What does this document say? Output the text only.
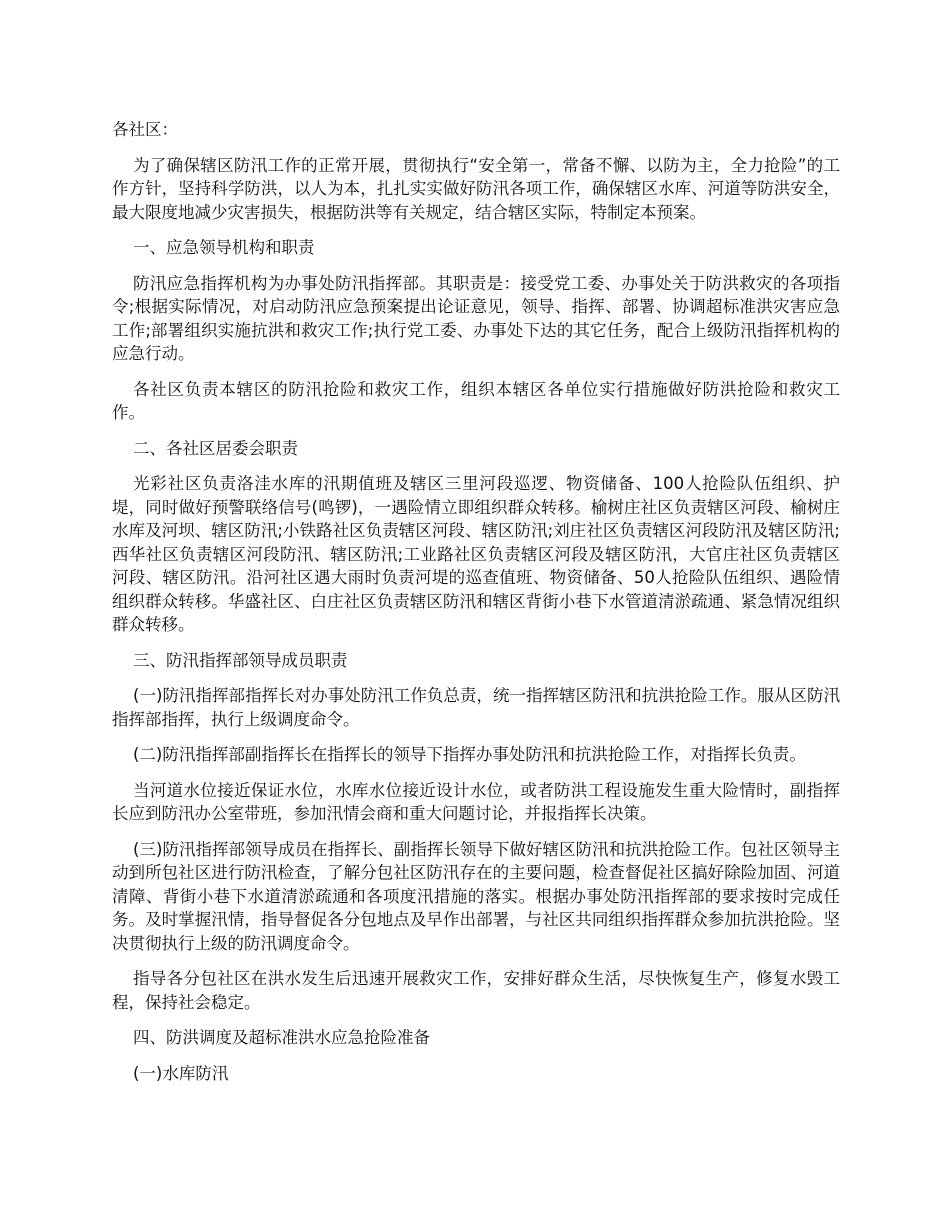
各社区：

为了确保辖区防汛工作的正常开展，贯彻执行“安全第一，常备不懈、以防为主，全力抢险”的工作方针，坚持科学防洪，以人为本，扎扎实实做好防汛各项工作，确保辖区水库、河道等防洪安全，最大限度地减少灾害损失，根据防洪等有关规定，结合辖区实际，特制定本预案。

一、应急领导机构和职责

防汛应急指挥机构为办事处防汛指挥部。其职责是：接受党工委、办事处关于防洪救灾的各项指令;根据实际情况，对启动防汛应急预案提出论证意见，领导、指挥、部署、协调超标准洪灾害应急工作;部署组织实施抗洪和救灾工作;执行党工委、办事处下达的其它任务，配合上级防汛指挥机构的应急行动。

各社区负责本辖区的防汛抢险和救灾工作，组织本辖区各单位实行措施做好防洪抢险和救灾工作。

二、各社区居委会职责

光彩社区负责洛洼水库的汛期值班及辖区三里河段巡逻、物资储备、100人抢险队伍组织、护堤，同时做好预警联络信号(鸣锣)，一遇险情立即组织群众转移。榆树庄社区负责辖区河段、榆树庄水库及河坝、辖区防汛;小铁路社区负责辖区河段、辖区防汛;刘庄社区负责辖区河段防汛及辖区防汛;西华社区负责辖区河段防汛、辖区防汛;工业路社区负责辖区河段及辖区防汛，大官庄社区负责辖区河段、辖区防汛。沿河社区遇大雨时负责河堤的巡查值班、物资储备、50人抢险队伍组织、遇险情组织群众转移。华盛社区、白庄社区负责辖区防汛和辖区背街小巷下水管道清淤疏通、紧急情况组织群众转移。

三、防汛指挥部领导成员职责

(一)防汛指挥部指挥长对办事处防汛工作负总责，统一指挥辖区防汛和抗洪抢险工作。服从区防汛指挥部指挥，执行上级调度命令。

(二)防汛指挥部副指挥长在指挥长的领导下指挥办事处防汛和抗洪抢险工作，对指挥长负责。

当河道水位接近保证水位，水库水位接近设计水位，或者防洪工程设施发生重大险情时，副指挥长应到防汛办公室带班，参加汛情会商和重大问题讨论，并报指挥长决策。

(三)防汛指挥部领导成员在指挥长、副指挥长领导下做好辖区防汛和抗洪抢险工作。包社区领导主动到所包社区进行防汛检查，了解分包社区防汛存在的主要问题，检查督促社区搞好除险加固、河道清障、背街小巷下水道清淤疏通和各项度汛措施的落实。根据办事处防汛指挥部的要求按时完成任务。及时掌握汛情，指导督促各分包地点及早作出部署，与社区共同组织指挥群众参加抗洪抢险。坚决贯彻执行上级的防汛调度命令。

指导各分包社区在洪水发生后迅速开展救灾工作，安排好群众生活，尽快恢复生产，修复水毁工程，保持社会稳定。

四、防洪调度及超标准洪水应急抢险准备

(一)水库防汛
